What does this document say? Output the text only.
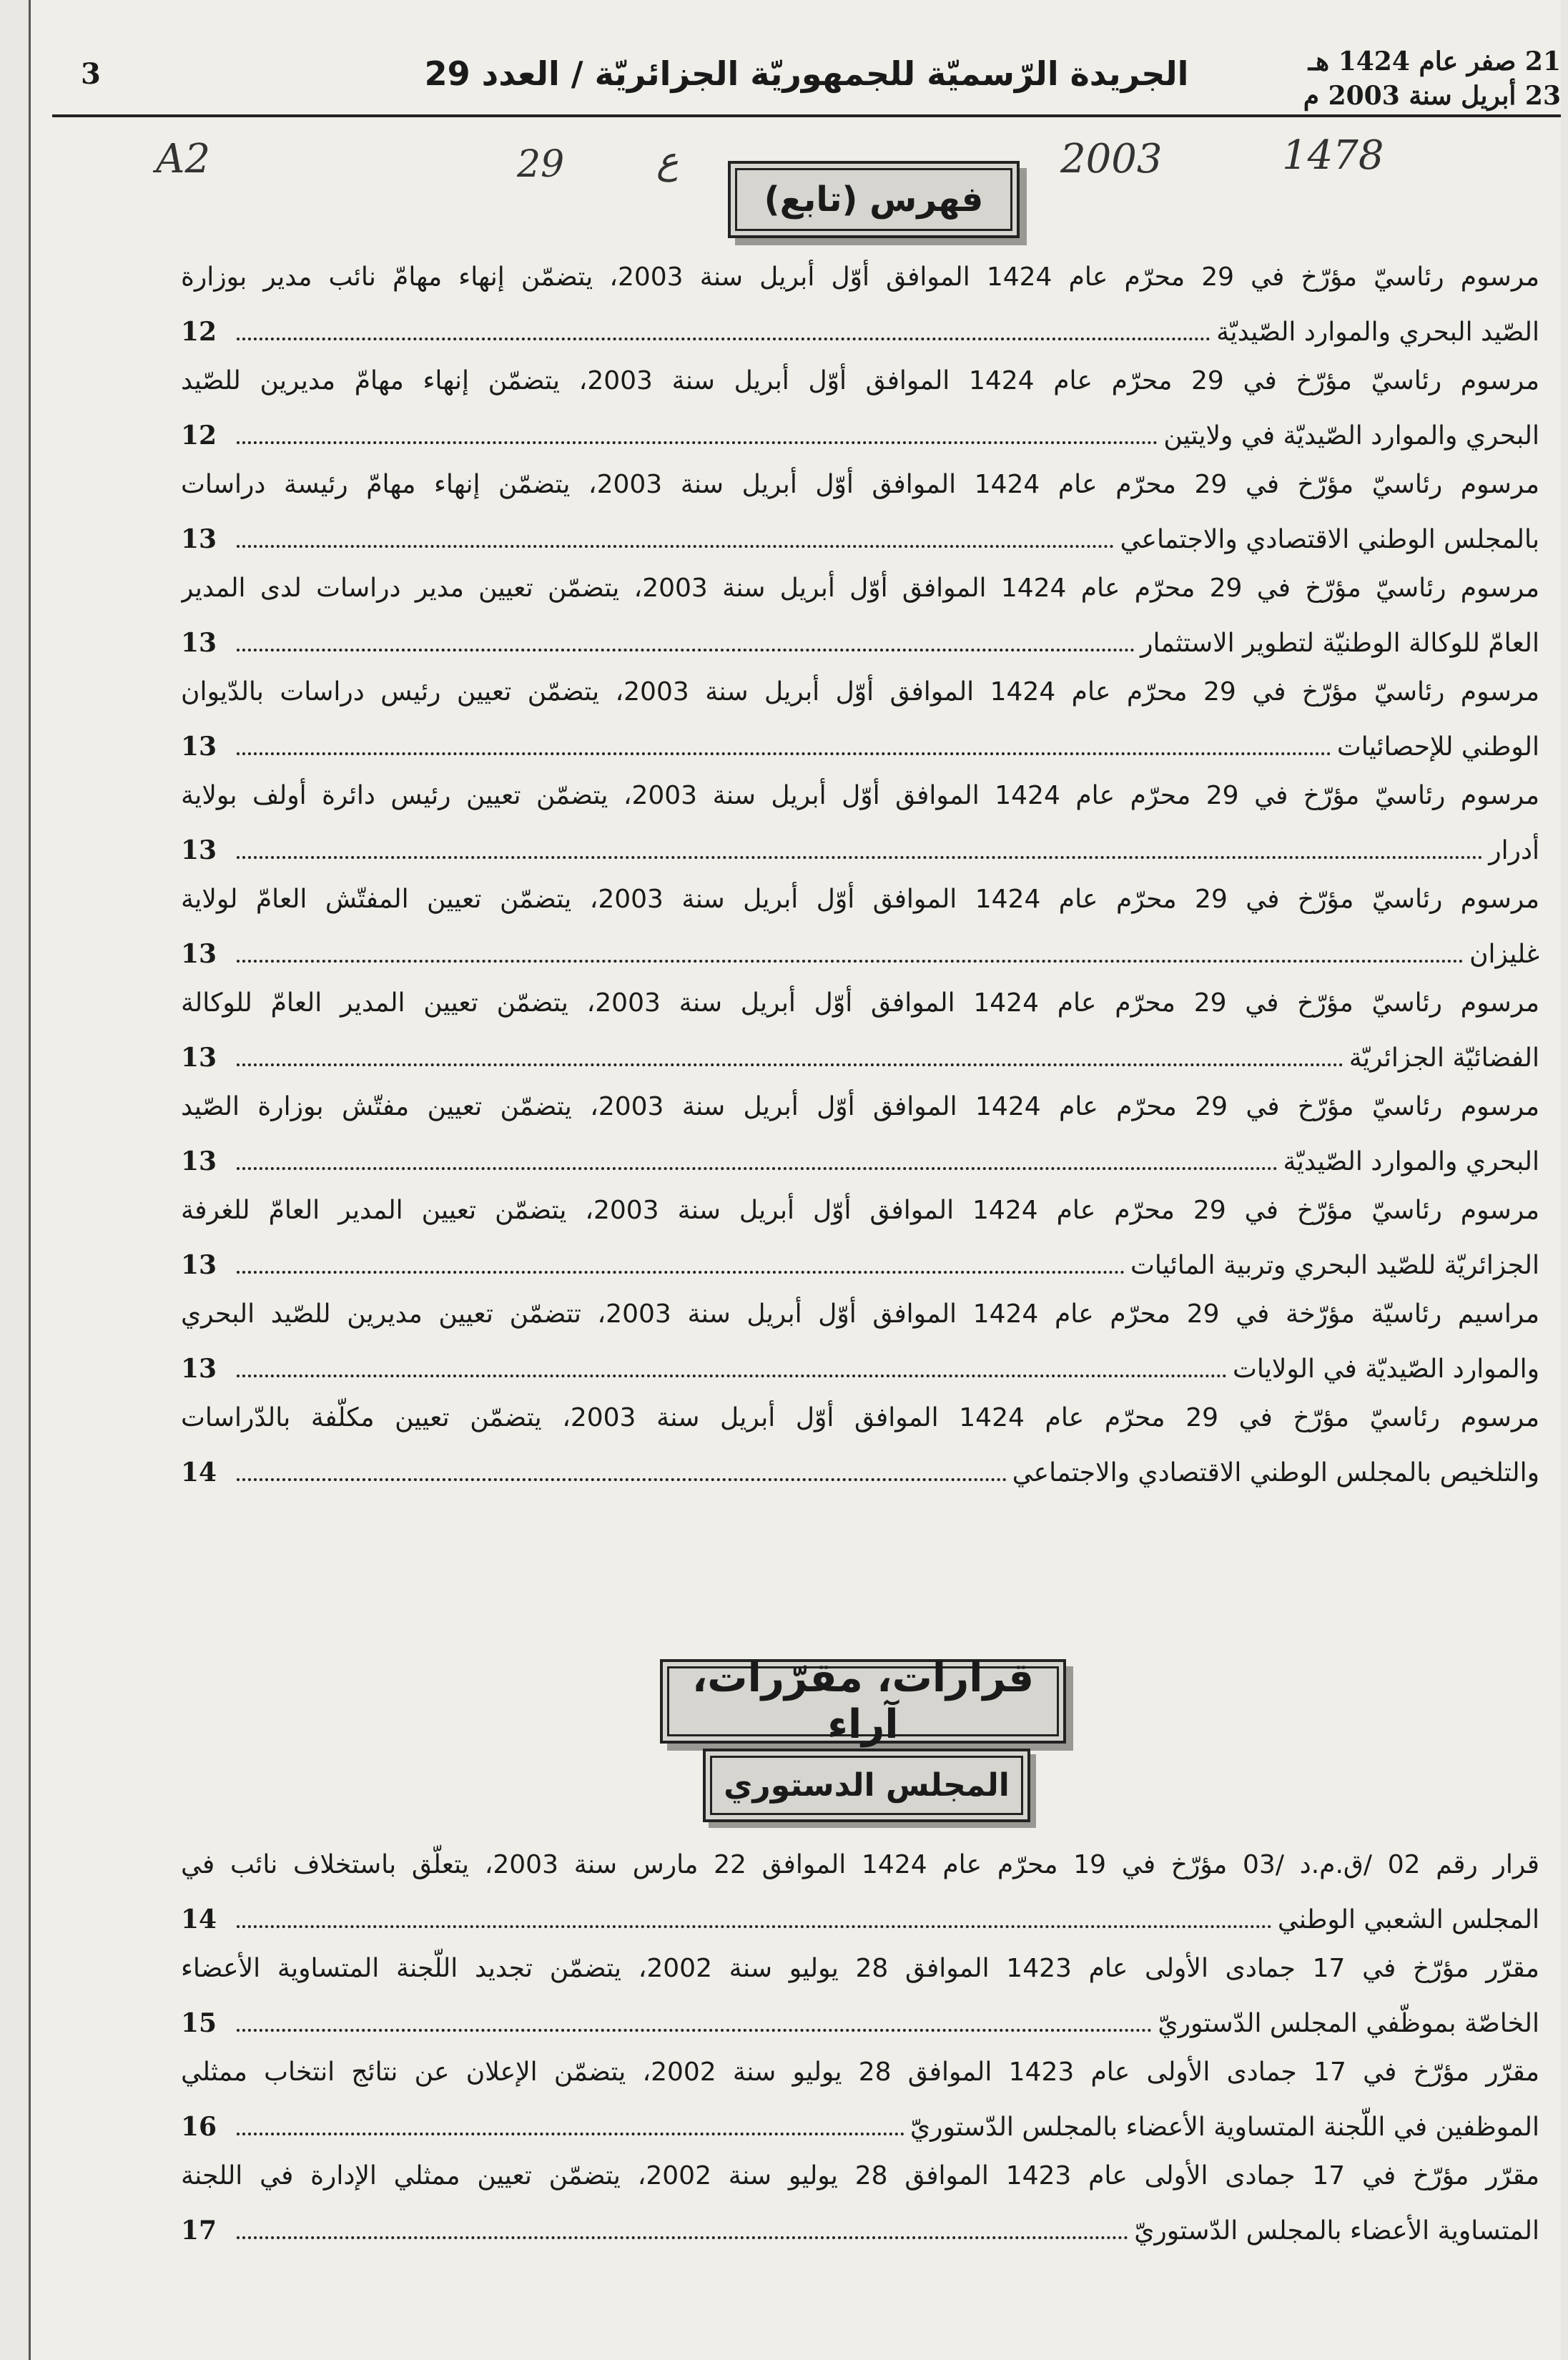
21 صفر عام 1424 هـ
23 أبريل سنة 2003 م
الجريدة الرّسميّة للجمهوريّة الجزائريّة / العدد 29
3
A2	29 ع	2003	1478
فهرس (تابع)
مرسوم رئاسيّ مؤرّخ في 29 محرّم عام 1424 الموافق أوّل أبريل سنة 2003، يتضمّن إنهاء مهامّ نائب مدير بوزارة
الصّيد البحري والموارد الصّيديّة
12
مرسوم رئاسيّ مؤرّخ في 29 محرّم عام 1424 الموافق أوّل أبريل سنة 2003، يتضمّن إنهاء مهامّ مديرين للصّيد
البحري والموارد الصّيديّة في ولايتين
12
مرسوم رئاسيّ مؤرّخ في 29 محرّم عام 1424 الموافق أوّل أبريل سنة 2003، يتضمّن إنهاء مهامّ رئيسة دراسات
بالمجلس الوطني الاقتصادي والاجتماعي
13
مرسوم رئاسيّ مؤرّخ في 29 محرّم عام 1424 الموافق أوّل أبريل سنة 2003، يتضمّن تعيين مدير دراسات لدى المدير
العامّ للوكالة الوطنيّة لتطوير الاستثمار
13
مرسوم رئاسيّ مؤرّخ في 29 محرّم عام 1424 الموافق أوّل أبريل سنة 2003، يتضمّن تعيين رئيس دراسات بالدّيوان
الوطني للإحصائيات
13
مرسوم رئاسيّ مؤرّخ في 29 محرّم عام 1424 الموافق أوّل أبريل سنة 2003، يتضمّن تعيين رئيس دائرة أولف بولاية
أدرار
13
مرسوم رئاسيّ مؤرّخ في 29 محرّم عام 1424 الموافق أوّل أبريل سنة 2003، يتضمّن تعيين المفتّش العامّ لولاية
غليزان
13
مرسوم رئاسيّ مؤرّخ في 29 محرّم عام 1424 الموافق أوّل أبريل سنة 2003، يتضمّن تعيين المدير العامّ للوكالة
الفضائيّة الجزائريّة
13
مرسوم رئاسيّ مؤرّخ في 29 محرّم عام 1424 الموافق أوّل أبريل سنة 2003، يتضمّن تعيين مفتّش بوزارة الصّيد
البحري والموارد الصّيديّة
13
مرسوم رئاسيّ مؤرّخ في 29 محرّم عام 1424 الموافق أوّل أبريل سنة 2003، يتضمّن تعيين المدير العامّ للغرفة
الجزائريّة للصّيد البحري وتربية المائيات
13
مراسيم رئاسيّة مؤرّخة في 29 محرّم عام 1424 الموافق أوّل أبريل سنة 2003، تتضمّن تعيين مديرين للصّيد البحري
والموارد الصّيديّة في الولايات
13
مرسوم رئاسيّ مؤرّخ في 29 محرّم عام 1424 الموافق أوّل أبريل سنة 2003، يتضمّن تعيين مكلّفة بالدّراسات
والتلخيص بالمجلس الوطني الاقتصادي والاجتماعي
14
قرارات، مقرّرات، آراء
المجلس الدستوري
قرار رقم 02 /ق.م.د /03 مؤرّخ في 19 محرّم عام 1424 الموافق 22 مارس سنة 2003، يتعلّق باستخلاف نائب في
المجلس الشعبي الوطني
14
مقرّر مؤرّخ في 17 جمادى الأولى عام 1423 الموافق 28 يوليو سنة 2002، يتضمّن تجديد اللّجنة المتساوية الأعضاء
الخاصّة بموظّفي المجلس الدّستوريّ
15
مقرّر مؤرّخ في 17 جمادى الأولى عام 1423 الموافق 28 يوليو سنة 2002، يتضمّن الإعلان عن نتائج انتخاب ممثلي
الموظفين في اللّجنة المتساوية الأعضاء بالمجلس الدّستوريّ
16
مقرّر مؤرّخ في 17 جمادى الأولى عام 1423 الموافق 28 يوليو سنة 2002، يتضمّن تعيين ممثلي الإدارة في اللجنة
المتساوية الأعضاء بالمجلس الدّستوريّ
17
